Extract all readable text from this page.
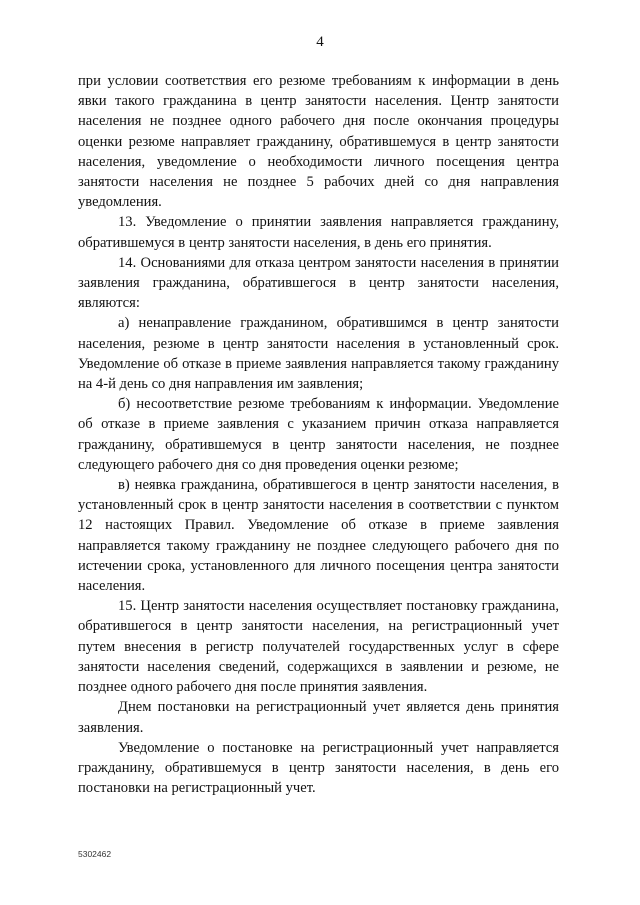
4

при условии соответствия его резюме требованиям к информации в день явки такого гражданина в центр занятости населения. Центр занятости населения не позднее одного рабочего дня после окончания процедуры оценки резюме направляет гражданину, обратившемуся в центр занятости населения, уведомление о необходимости личного посещения центра занятости населения не позднее 5 рабочих дней со дня направления уведомления.

13. Уведомление о принятии заявления направляется гражданину, обратившемуся в центр занятости населения, в день его принятия.

14. Основаниями для отказа центром занятости населения в принятии заявления гражданина, обратившегося в центр занятости населения, являются:

а) ненаправление гражданином, обратившимся в центр занятости населения, резюме в центр занятости населения в установленный срок. Уведомление об отказе в приеме заявления направляется такому гражданину на 4-й день со дня направления им заявления;

б) несоответствие резюме требованиям к информации. Уведомление об отказе в приеме заявления с указанием причин отказа направляется гражданину, обратившемуся в центр занятости населения, не позднее следующего рабочего дня со дня проведения оценки резюме;

в) неявка гражданина, обратившегося в центр занятости населения, в установленный срок в центр занятости населения в соответствии с пунктом 12 настоящих Правил. Уведомление об отказе в приеме заявления направляется такому гражданину не позднее следующего рабочего дня по истечении срока, установленного для личного посещения центра занятости населения.

15. Центр занятости населения осуществляет постановку гражданина, обратившегося в центр занятости населения, на регистрационный учет путем внесения в регистр получателей государственных услуг в сфере занятости населения сведений, содержащихся в заявлении и резюме, не позднее одного рабочего дня после принятия заявления.

Днем постановки на регистрационный учет является день принятия заявления.

Уведомление о постановке на регистрационный учет направляется гражданину, обратившемуся в центр занятости населения, в день его постановки на регистрационный учет.

5302462
